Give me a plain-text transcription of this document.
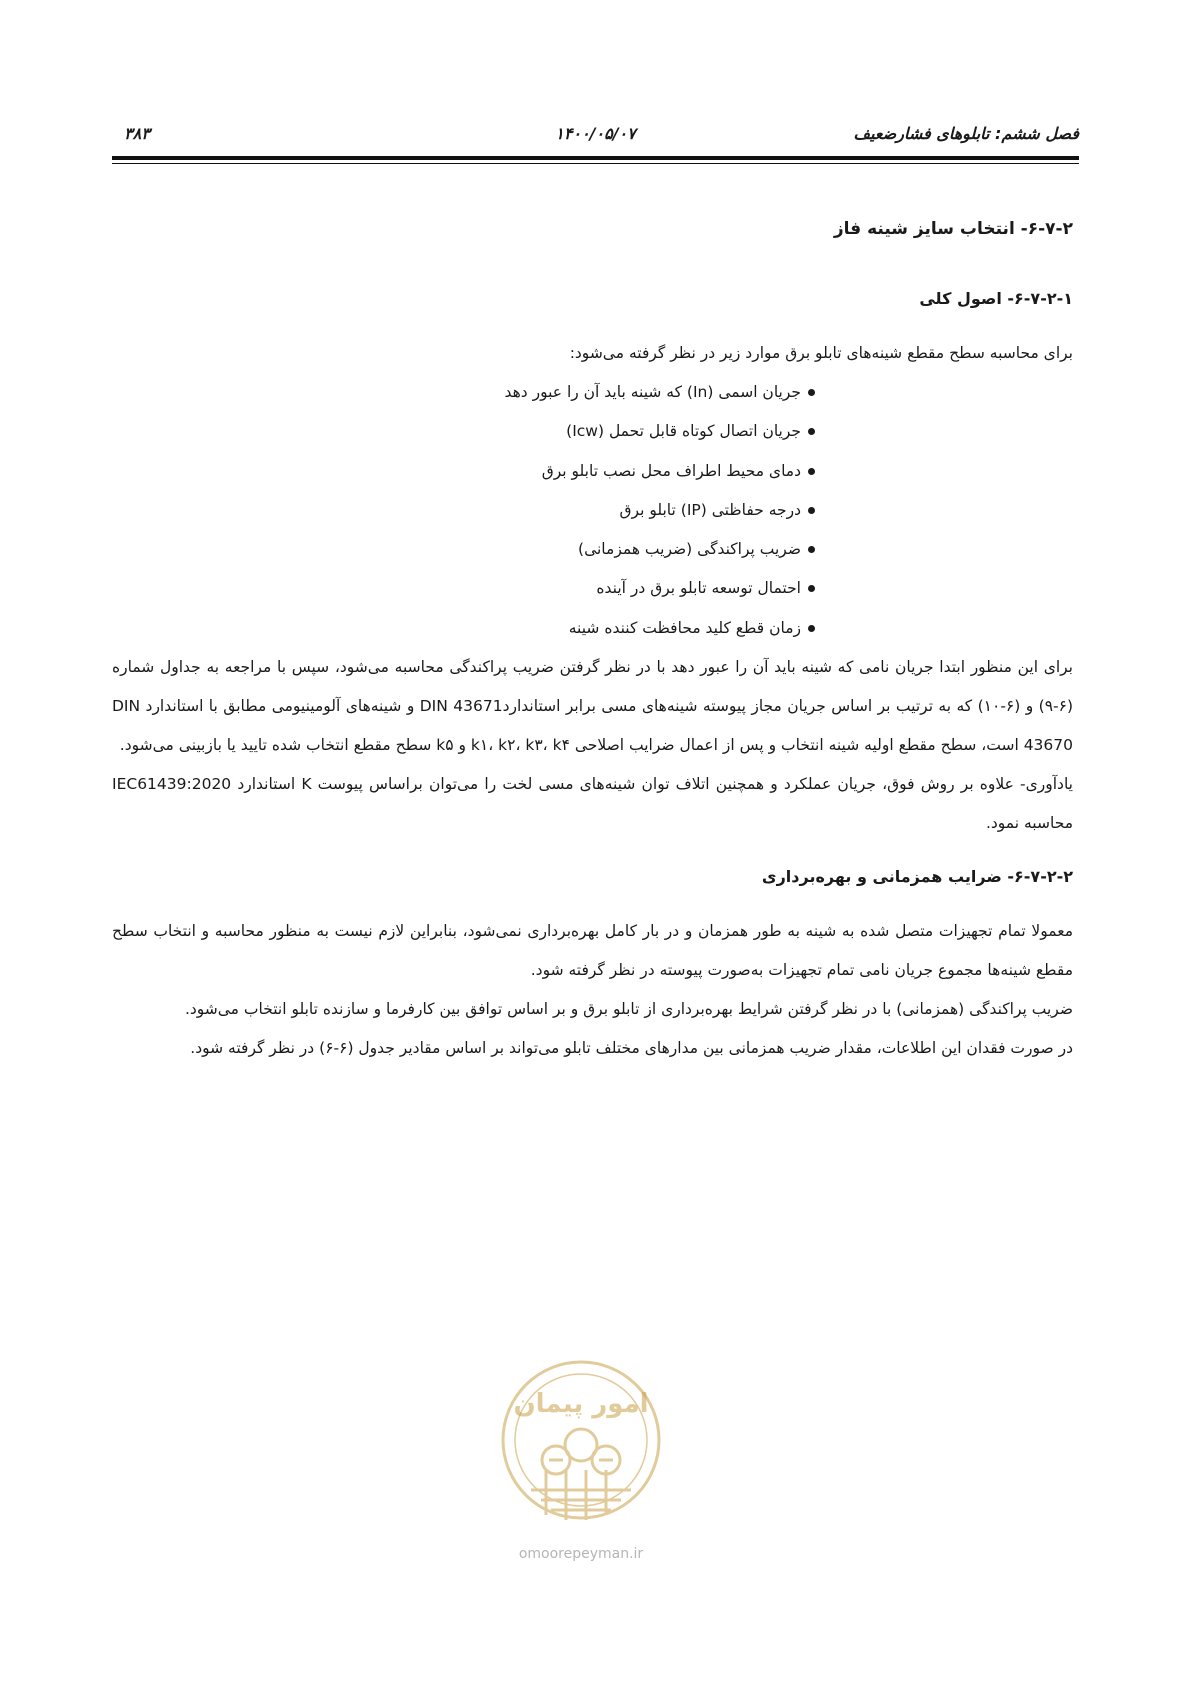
فصل ششم: تابلوهای فشارضعیف
۱۴۰۰/۰۵/۰۷
۳۸۳
۶-۷-۲- انتخاب سایز شینه فاز
۶-۷-۲-۱- اصول کلی

برای محاسبه سطح مقطع شینه‌های تابلو برق موارد زیر در نظر گرفته می‌شود:

جریان اسمی (In) که شینه باید آن را عبور دهد
جریان اتصال کوتاه قابل تحمل (Icw)
دمای محیط اطراف محل نصب تابلو برق
درجه حفاظتی (IP) تابلو برق
ضریب پراکندگی (ضریب همزمانی)
احتمال توسعه تابلو برق در آینده
زمان قطع کلید محافظت کننده شینه

برای این منظور ابتدا جریان نامی که شینه باید آن را عبور دهد با در نظر گرفتن ضریب پراکندگی محاسبه می‌شود، سپس با مراجعه به جداول شماره (۶-۹) و (۶-۱۰) که به ترتیب بر اساس جریان مجاز پیوسته شینه‌های مسی برابر استانداردDIN 43671 و شینه‌های آلومینیومی مطابق با استاندارد DIN 43670 است، سطح مقطع اولیه شینه انتخاب و پس از اعمال ضرایب اصلاحی k۱، k۲، k۳، k۴ و k۵ سطح مقطع انتخاب شده تایید یا بازبینی می‌شود.

یادآوری- علاوه بر روش فوق، جریان عملکرد و همچنین اتلاف توان شینه‌های مسی لخت را می‌توان براساس پیوست K استاندارد IEC61439:2020 محاسبه نمود.

۶-۷-۲-۲- ضرایب همزمانی و بهره‌برداری

معمولا تمام تجهیزات متصل شده به شینه به طور همزمان و در بار کامل بهره‌برداری نمی‌شود، بنابراین لازم نیست به منظور محاسبه و انتخاب سطح مقطع شینه‌ها مجموع جریان نامی تمام تجهیزات به‌صورت پیوسته در نظر گرفته شود.

ضریب پراکندگی (همزمانی) با در نظر گرفتن شرایط بهره‌برداری از تابلو برق و بر اساس توافق بین کارفرما و سازنده تابلو انتخاب می‌شود.

در صورت فقدان این اطلاعات، مقدار ضریب همزمانی بین مدارهای مختلف تابلو می‌تواند بر اساس مقادیر جدول (۶-۶) در نظر گرفته شود.

امور پیمان
omoorepeyman.ir
